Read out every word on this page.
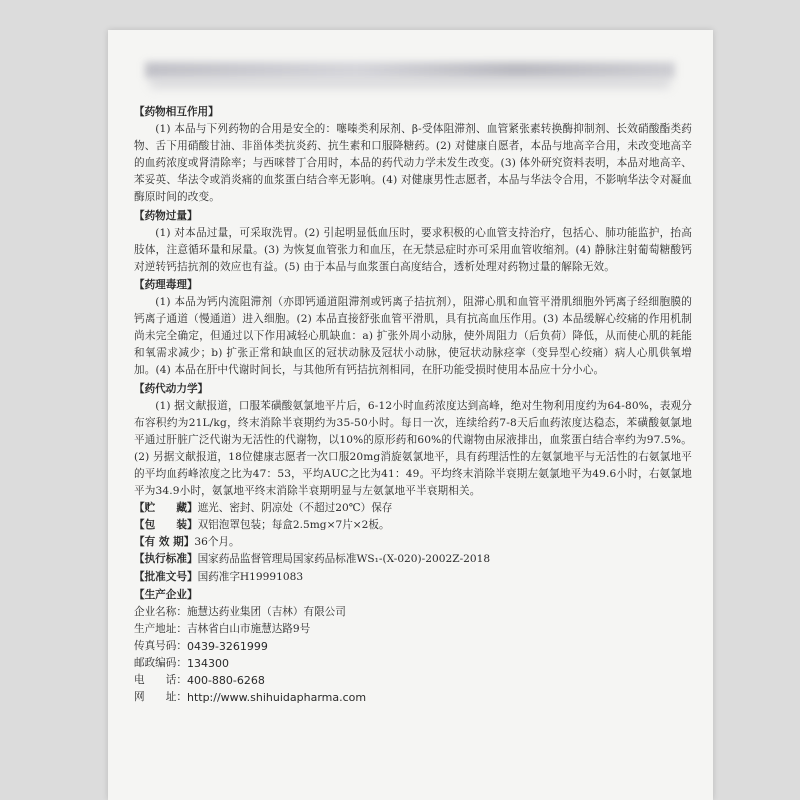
【药物相互作用】
(1) 本品与下列药物的合用是安全的：噻嗪类利尿剂、β-受体阻滞剂、血管紧张素转换酶抑制剂、长效硝酸酯类药物、舌下用硝酸甘油、非甾体类抗炎药、抗生素和口服降糖药。(2) 对健康自愿者，本品与地高辛合用，未改变地高辛的血药浓度或肾清除率；与西咪替丁合用时，本品的药代动力学未发生改变。(3) 体外研究资料表明，本品对地高辛、苯妥英、华法令或消炎痛的血浆蛋白结合率无影响。(4) 对健康男性志愿者，本品与华法令合用，不影响华法令对凝血酶原时间的改变。
【药物过量】
(1) 对本品过量，可采取洗胃。(2) 引起明显低血压时，要求积极的心血管支持治疗，包括心、肺功能监护，抬高肢体，注意循环量和尿量。(3) 为恢复血管张力和血压，在无禁忌症时亦可采用血管收缩剂。(4) 静脉注射葡萄糖酸钙对逆转钙拮抗剂的效应也有益。(5) 由于本品与血浆蛋白高度结合，透析处理对药物过量的解除无效。
【药理毒理】
(1) 本品为钙内流阻滞剂（亦即钙通道阻滞剂或钙离子拮抗剂），阻滞心肌和血管平滑肌细胞外钙离子经细胞膜的钙离子通道（慢通道）进入细胞。(2) 本品直接舒张血管平滑肌，具有抗高血压作用。(3) 本品缓解心绞痛的作用机制尚未完全确定，但通过以下作用减轻心肌缺血：a) 扩张外周小动脉，使外周阻力（后负荷）降低，从而使心肌的耗能和氧需求减少；b) 扩张正常和缺血区的冠状动脉及冠状小动脉，使冠状动脉痉挛（变异型心绞痛）病人心肌供氧增加。(4) 本品在肝中代谢时间长，与其他所有钙拮抗剂相同，在肝功能受损时使用本品应十分小心。
【药代动力学】
(1) 据文献报道，口服苯磺酸氨氯地平片后，6-12小时血药浓度达到高峰，绝对生物利用度约为64-80%，表观分布容积约为21L/kg，终末消除半衰期约为35-50小时。每日一次，连续给药7-8天后血药浓度达稳态，苯磺酸氨氯地平通过肝脏广泛代谢为无活性的代谢物，以10%的原形药和60%的代谢物由尿液排出，血浆蛋白结合率约为97.5%。(2) 另据文献报道，18位健康志愿者一次口服20mg消旋氨氯地平，具有药理活性的左氨氯地平与无活性的右氨氯地平的平均血药峰浓度之比为47：53，平均AUC之比为41：49。平均终末消除半衰期左氨氯地平为49.6小时，右氨氯地平为34.9小时，氨氯地平终末消除半衰期明显与左氨氯地平半衰期相关。
【贮　　藏】 遮光、密封、阴凉处（不超过20℃）保存
【包　　装】 双铝泡罩包装；每盒2.5mg×7片×2板。
【有 效 期】 36个月。
【执行标准】 国家药品监督管理局国家药品标准WS₁-(X-020)-2002Z-2018
【批准文号】 国药准字H19991083
【生产企业】
企业名称： 施慧达药业集团（吉林）有限公司
生产地址： 吉林省白山市施慧达路9号
传真号码： 0439-3261999
邮政编码： 134300
电　　话： 400-880-6268
网　　址： http://www.shihuidapharma.com
